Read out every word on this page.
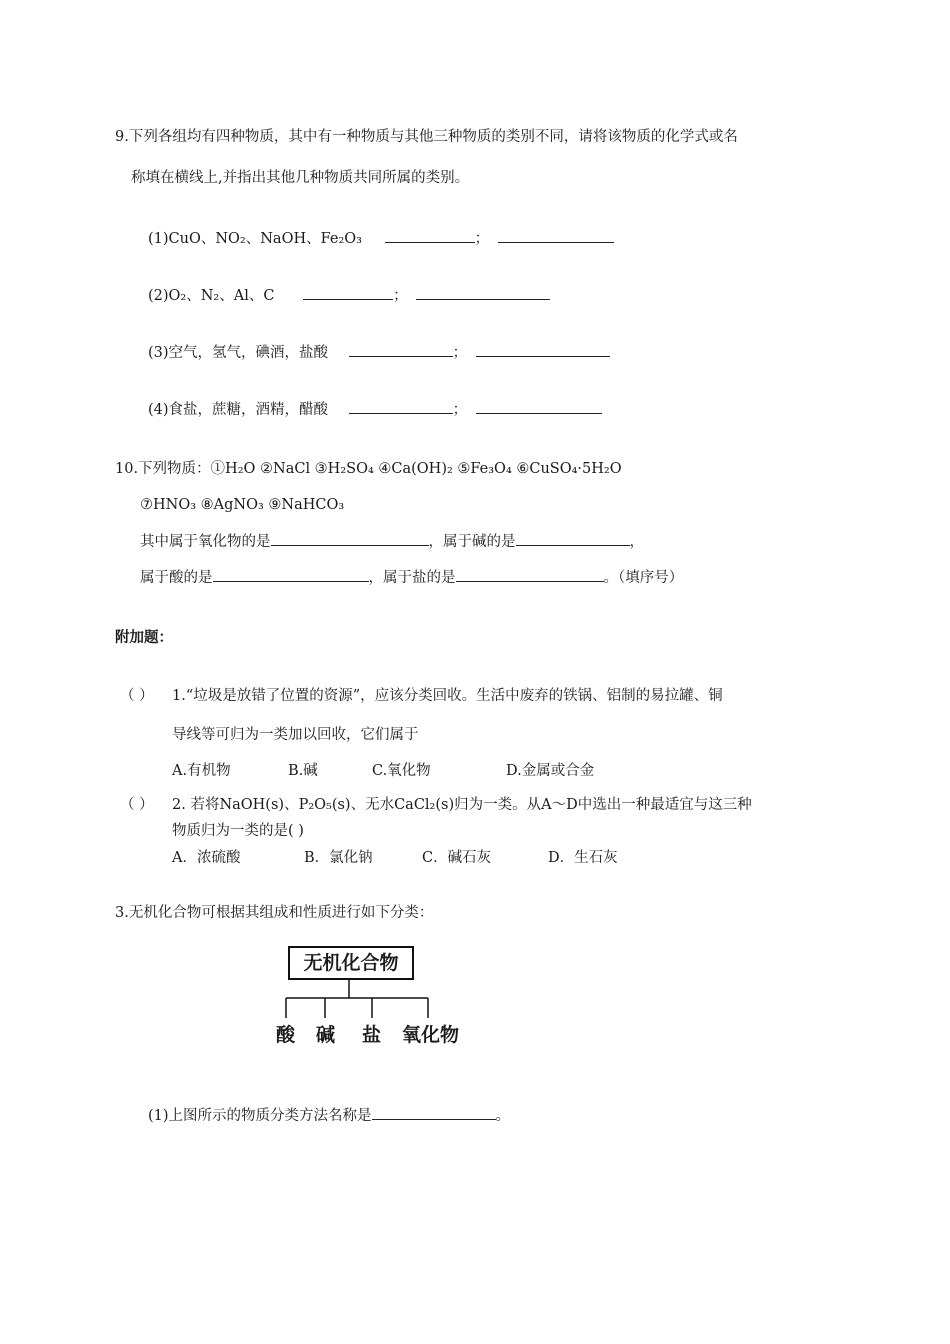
9.下列各组均有四种物质，其中有一种物质与其他三种物质的类别不同，请将该物质的化学式或名
称填在横线上,并指出其他几种物质共同所属的类别。
(1)CuO、NO₂、NaOH、Fe₂O₃	；
(2)O₂、N₂、Al、C	；
(3)空气，氢气，碘酒，盐酸	；
(4)食盐，蔗糖，酒精，醋酸	；
10.下列物质：①H₂O ②NaCl ③H₂SO₄ ④Ca(OH)₂ ⑤Fe₃O₄ ⑥CuSO₄·5H₂O
⑦HNO₃ ⑧AgNO₃ ⑨NaHCO₃
其中属于氧化物的是	，属于碱的是	，
属于酸的是	，属于盐的是	。（填序号）
附加题：
（ ） 1.“垃圾是放错了位置的资源”，应该分类回收。生活中废弃的铁锅、铝制的易拉罐、铜
导线等可归为一类加以回收，它们属于
A.有机物	B.碱	C.氧化物	D.金属或合金
（ ） 2. 若将NaOH(s)、P₂O₅(s)、无水CaCl₂(s)归为一类。从A～D中选出一种最适宜与这三种
物质归为一类的是( )
A．浓硫酸	B．氯化钠	C．碱石灰	D．生石灰
3.无机化合物可根据其组成和性质进行如下分类：
无机化合物
酸 碱 盐 氧化物
(1)上图所示的物质分类方法名称是	。
